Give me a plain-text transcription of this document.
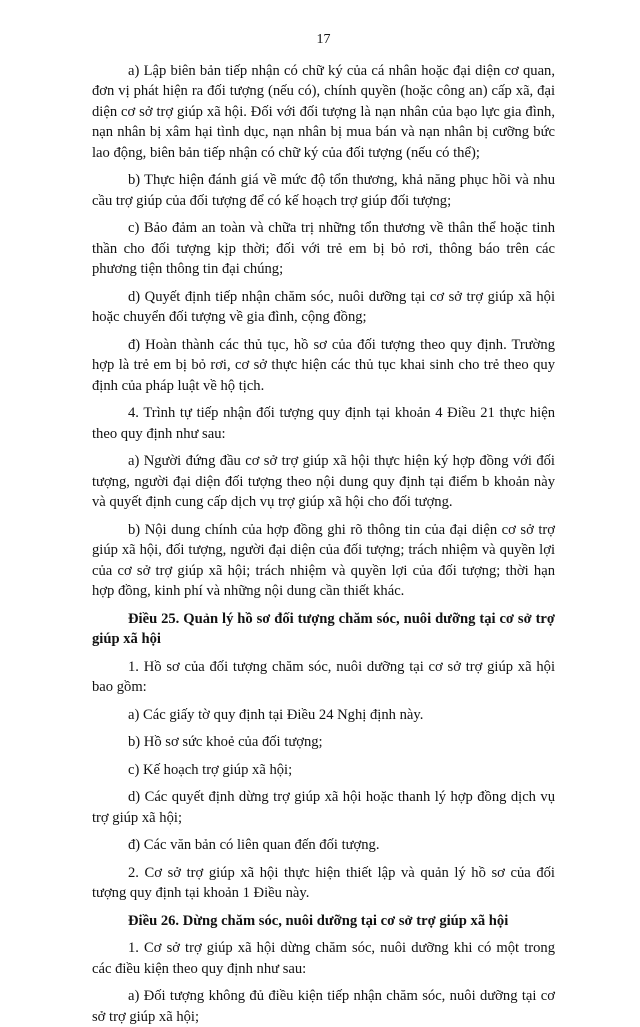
17

a) Lập biên bản tiếp nhận có chữ ký của cá nhân hoặc đại diện cơ quan, đơn vị phát hiện ra đối tượng (nếu có), chính quyền (hoặc công an) cấp xã, đại diện cơ sở trợ giúp xã hội. Đối với đối tượng là nạn nhân của bạo lực gia đình, nạn nhân bị xâm hại tình dục, nạn nhân bị mua bán và nạn nhân bị cưỡng bức lao động, biên bản tiếp nhận có chữ ký của đối tượng (nếu có thể);

b) Thực hiện đánh giá về mức độ tổn thương, khả năng phục hồi và nhu cầu trợ giúp của đối tượng để có kế hoạch trợ giúp đối tượng;

c) Bảo đảm an toàn và chữa trị những tổn thương về thân thể hoặc tinh thần cho đối tượng kịp thời; đối với trẻ em bị bỏ rơi, thông báo trên các phương tiện thông tin đại chúng;

d) Quyết định tiếp nhận chăm sóc, nuôi dưỡng tại cơ sở trợ giúp xã hội hoặc chuyển đối tượng về gia đình, cộng đồng;

đ) Hoàn thành các thủ tục, hồ sơ của đối tượng theo quy định. Trường hợp là trẻ em bị bỏ rơi, cơ sở thực hiện các thủ tục khai sinh cho trẻ theo quy định của pháp luật về hộ tịch.

4. Trình tự tiếp nhận đối tượng quy định tại khoản 4 Điều 21 thực hiện theo quy định như sau:

a) Người đứng đầu cơ sở trợ giúp xã hội thực hiện ký hợp đồng với đối tượng, người đại diện đối tượng theo nội dung quy định tại điểm b khoản này và quyết định cung cấp dịch vụ trợ giúp xã hội cho đối tượng.

b) Nội dung chính của hợp đồng ghi rõ thông tin của đại diện cơ sở trợ giúp xã hội, đối tượng, người đại diện của đối tượng; trách nhiệm và quyền lợi của cơ sở trợ giúp xã hội; trách nhiệm và quyền lợi của đối tượng; thời hạn hợp đồng, kinh phí và những nội dung cần thiết khác.

Điều 25. Quản lý hồ sơ đối tượng chăm sóc, nuôi dưỡng tại cơ sở trợ giúp xã hội

1. Hồ sơ của đối tượng chăm sóc, nuôi dưỡng tại cơ sở trợ giúp xã hội bao gồm:

a) Các giấy tờ quy định tại Điều 24 Nghị định này.

b) Hồ sơ sức khoẻ của đối tượng;

c) Kế hoạch trợ giúp xã hội;

d) Các quyết định dừng trợ giúp xã hội hoặc thanh lý hợp đồng dịch vụ trợ giúp xã hội;

đ) Các văn bản có liên quan đến đối tượng.

2. Cơ sở trợ giúp xã hội thực hiện thiết lập và quản lý hồ sơ của đối tượng quy định tại khoản 1 Điều này.

Điều 26. Dừng chăm sóc, nuôi dưỡng tại cơ sở trợ giúp xã hội

1. Cơ sở trợ giúp xã hội dừng chăm sóc, nuôi dưỡng khi có một trong các điều kiện theo quy định như sau:

a) Đối tượng không đủ điều kiện tiếp nhận chăm sóc, nuôi dưỡng tại cơ sở trợ giúp xã hội;
